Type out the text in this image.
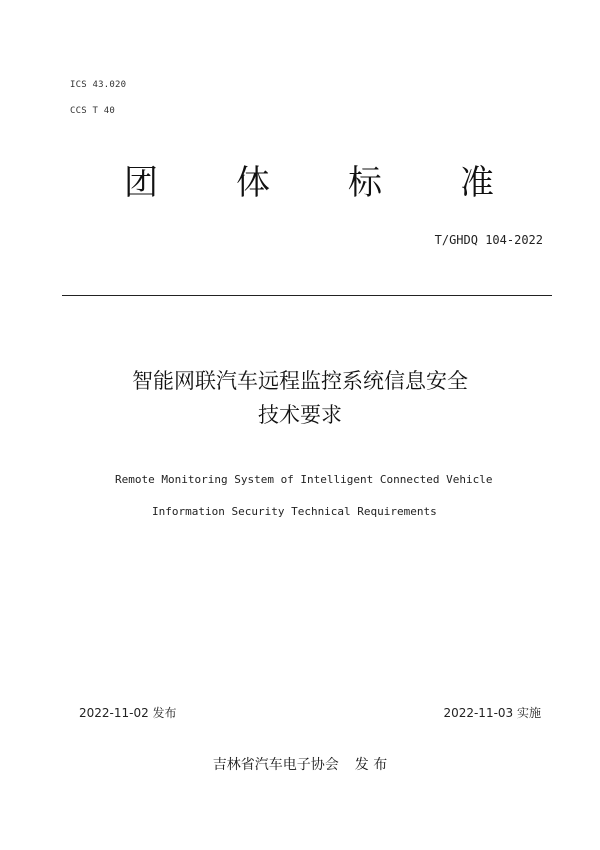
ICS 43.020
CCS T 40
团 体 标 准
T/GHDQ 104-2022
智能网联汽车远程监控系统信息安全
技术要求
Remote Monitoring System of Intelligent Connected Vehicle
Information Security Technical Requirements
2022-11-02 发布	2022-11-03 实施
吉林省汽车电子协会 发 布
